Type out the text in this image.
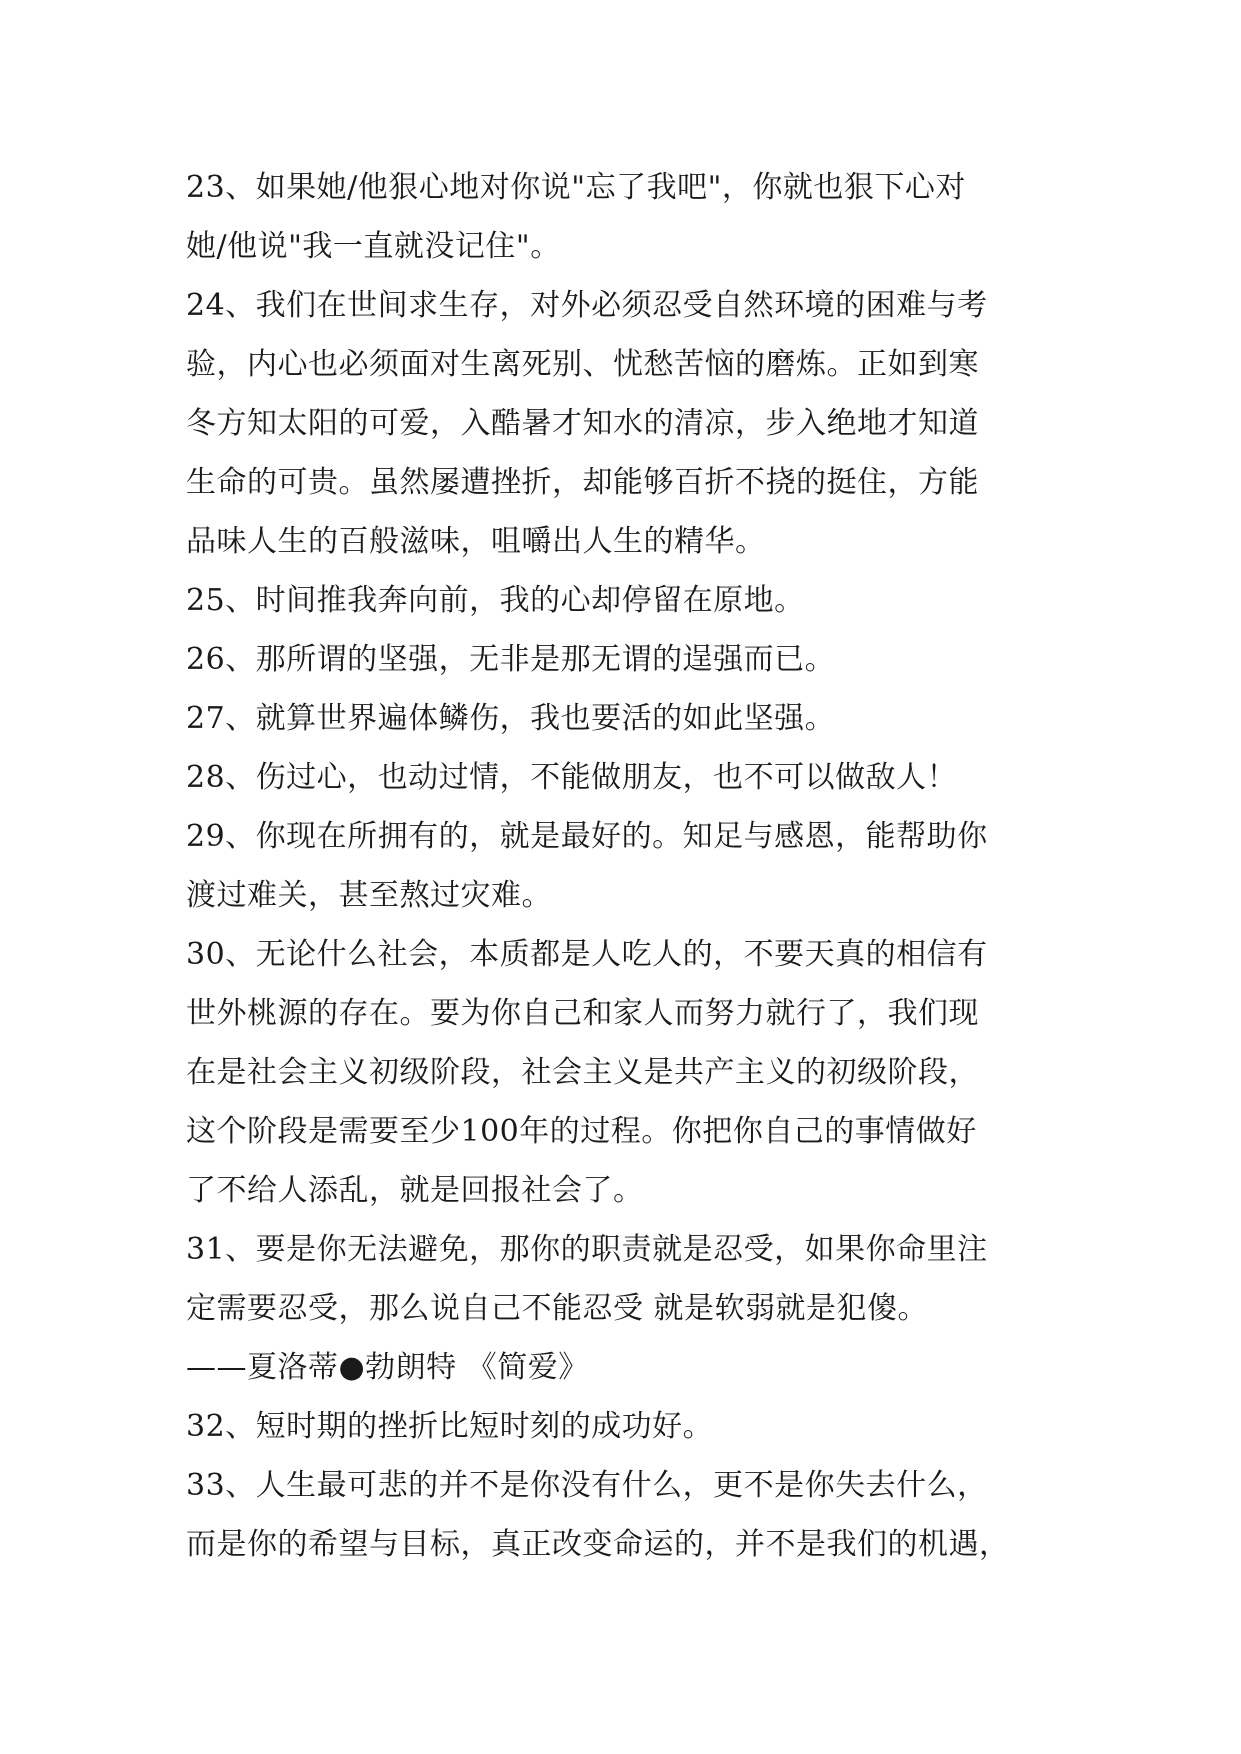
23、如果她/他狠心地对你说"忘了我吧"，你就也狠下心对
她/他说"我一直就没记住"。
24、我们在世间求生存，对外必须忍受自然环境的困难与考
验，内心也必须面对生离死别、忧愁苦恼的磨炼。正如到寒
冬方知太阳的可爱，入酷暑才知水的清凉，步入绝地才知道
生命的可贵。虽然屡遭挫折，却能够百折不挠的挺住，方能
品味人生的百般滋味，咀嚼出人生的精华。
25、时间推我奔向前，我的心却停留在原地。
26、那所谓的坚强，无非是那无谓的逞强而已。
27、就算世界遍体鳞伤，我也要活的如此坚强。
28、伤过心，也动过情，不能做朋友，也不可以做敌人！
29、你现在所拥有的，就是最好的。知足与感恩，能帮助你
渡过难关，甚至熬过灾难。
30、无论什么社会，本质都是人吃人的，不要天真的相信有
世外桃源的存在。要为你自己和家人而努力就行了，我们现
在是社会主义初级阶段，社会主义是共产主义的初级阶段，
这个阶段是需要至少100年的过程。你把你自己的事情做好
了不给人添乱，就是回报社会了。
31、要是你无法避免，那你的职责就是忍受，如果你命里注
定需要忍受，那么说自己不能忍受 就是软弱就是犯傻。
——夏洛蒂●勃朗特 《简爱》
32、短时期的挫折比短时刻的成功好。
33、人生最可悲的并不是你没有什么，更不是你失去什么，
而是你的希望与目标，真正改变命运的，并不是我们的机遇，
